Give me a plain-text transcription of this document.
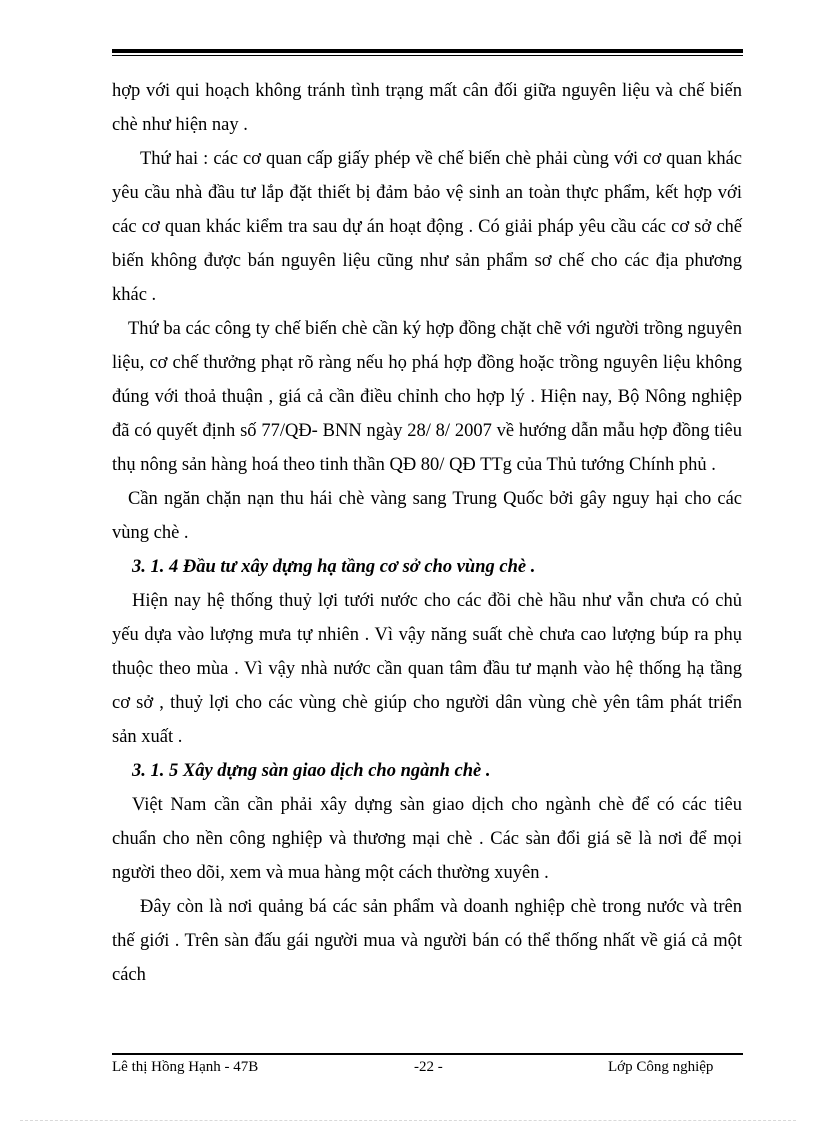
hợp với qui hoạch không tránh tình trạng mất cân đối giữa nguyên liệu và chế biến chè như hiện nay .

Thứ hai : các cơ quan cấp giấy phép về chế biến chè phải cùng với cơ quan khác yêu cầu nhà đầu tư lắp đặt thiết bị đảm bảo vệ sinh an toàn thực phẩm, kết hợp với các cơ quan khác kiểm tra sau dự án hoạt động . Có giải pháp yêu cầu các cơ sở chế biến không được bán nguyên liệu cũng như sản phẩm sơ chế cho các địa phương khác .

Thứ ba các công ty chế biến chè cần ký hợp đồng chặt chẽ với người trồng nguyên liệu, cơ chế thưởng phạt rõ ràng nếu họ phá hợp đồng hoặc trồng nguyên liệu không đúng với thoả thuận , giá cả cần điều chỉnh cho hợp lý . Hiện nay, Bộ Nông nghiệp đã có quyết định số 77/QĐ- BNN ngày 28/ 8/ 2007 về hướng dẫn mẫu hợp đồng tiêu thụ nông sản hàng hoá theo tinh thần QĐ 80/ QĐ TTg của Thủ tướng Chính phủ .

Cần ngăn chặn nạn thu hái chè vàng sang Trung Quốc bởi gây nguy hại cho các vùng chè .

3. 1. 4 Đầu tư xây dựng hạ tầng cơ sở cho vùng chè .

Hiện nay hệ thống thuỷ lợi tưới nước cho các đồi chè hầu như vẫn chưa có chủ yếu dựa vào lượng mưa tự nhiên . Vì vậy năng suất chè chưa cao lượng búp ra phụ thuộc theo mùa . Vì vậy nhà nước cần quan tâm đầu tư mạnh vào hệ thống hạ tầng cơ sở , thuỷ lợi cho các vùng chè giúp cho người dân vùng chè yên tâm phát triển sản xuất .

3. 1. 5 Xây dựng sàn giao dịch cho ngành chè .

Việt Nam cần cần phải xây dựng sàn giao dịch cho ngành chè để có các tiêu chuẩn cho nền công nghiệp và thương mại chè . Các sàn đổi giá sẽ là nơi để mọi người theo dõi, xem và mua hàng một cách thường xuyên .

Đây còn là nơi quảng bá các sản phẩm và doanh nghiệp chè trong nước và trên thế giới . Trên sàn đấu gái người mua và người bán có thể thống nhất về giá cả một cách

Lê thị Hồng Hạnh - 47B	-22 -	Lớp Công nghiệp
